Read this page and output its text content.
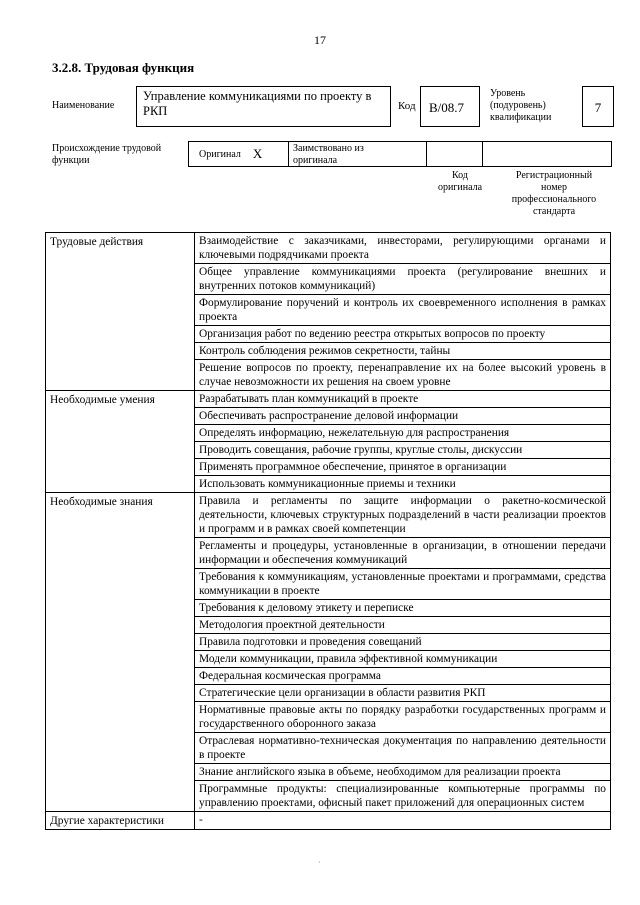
17
3.2.8. Трудовая функция
Наименование
Управление коммуникациями по проекту в РКП	Код	B/08.7
Уровень
(подуровень)
квалификации
7
Происхождение трудовой
функции
Оригинал X	Заимствовано из
оригинала
Код
оригинала
Регистрационный
номер
профессионального
стандарта
Трудовые действия	Взаимодействие с заказчиками, инвесторами, регулирующими органами и ключевыми подрядчиками проекта
	Общее управление коммуникациями проекта (регулирование внешних и внутренних потоков коммуникаций)
	Формулирование поручений и контроль их своевременного исполнения в рамках проекта
	Организация работ по ведению реестра открытых вопросов по проекту
	Контроль соблюдения режимов секретности, тайны
	Решение вопросов по проекту, перенаправление их на более высокий уровень в случае невозможности их решения на своем уровне
Необходимые умения	Разрабатывать план коммуникаций в проекте
	Обеспечивать распространение деловой информации
	Определять информацию, нежелательную для распространения
	Проводить совещания, рабочие группы, круглые столы, дискуссии
	Применять программное обеспечение, принятое в организации
	Использовать коммуникационные приемы и техники
Необходимые знания	Правила и регламенты по защите информации о ракетно-космической деятельности, ключевых структурных подразделений в части реализации проектов и программ и в рамках своей компетенции
	Регламенты и процедуры, установленные в организации, в отношении передачи информации и обеспечения коммуникаций
	Требования к коммуникациям, установленные проектами и программами, средства коммуникации в проекте
	Требования к деловому этикету и переписке
	Методология проектной деятельности
	Правила подготовки и проведения совещаний
	Модели коммуникации, правила эффективной коммуникации
	Федеральная космическая программа
	Стратегические цели организации в области развития РКП
	Нормативные правовые акты по порядку разработки государственных программ и государственного оборонного заказа
	Отраслевая нормативно-техническая документация по направлению деятельности в проекте
	Знание английского языка в объеме, необходимом для реализации проекта
	Программные продукты: специализированные компьютерные программы по управлению проектами, офисный пакет приложений для операционных систем
Другие характеристики	-
·
